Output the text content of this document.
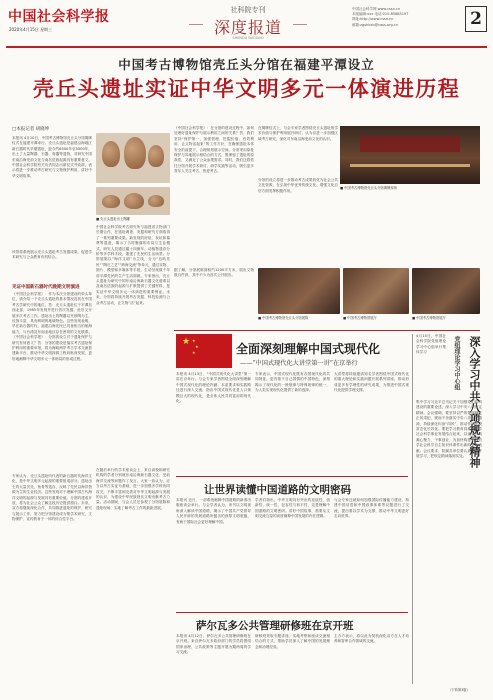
中国社会科学报
2020年4月15日 星期三
社科院专刊
深度报道
SHENDU BAODAO
中国社会科学网 www.cssn.cn
本版编辑:xxx 电话:010-85885197
网址:http://www.cssn.cn
邮箱:zgshkxb@cass.org.cn	2
中国考古博物馆壳丘头分馆在福建平潭设立
壳丘头遗址实证中华文明多元一体演进历程
□本报记者 胡晓坤
本报讯 4月10日，中国考古博物馆壳丘头分馆揭牌仪式在福建平潭举行。壳丘头遗址是福建沿海地区新石器时代早期遗址，距今约6500年至5500年，出土了大量陶器、石器、骨器等遗物，对研究中国东南沿海史前文化与南岛语族起源具有重要意义。中国社会科学院有关负责同志出席仪式并致辞，表示将进一步推动考古研究与文物保护利用，讲好中华文明故事。
■ 壳丘头遗址出土陶罐
该馆将系统展示壳丘头遗址考古发掘成果，促进学术研究与公众教育有机结合。
见证中国新石器时代晚期文明演进
《中国社会科学报》：作为本次分馆建设的牵头单位，请介绍一下壳丘头遗址的基本情况及其在中国考古学研究中的地位。答：壳丘头遗址位于平潭岛西北部，1985年发现并进行首次发掘，此后又开展多次考古工作。遗址出土的陶器以夹砂陶为主，纹饰丰富，具有鲜明的地域特色。这些发现表明，早在新石器时代，福建沿海先民已具备相当的航海能力，与台湾及东南亚地区存在密切的文化联系。《中国社会科学报》：分馆的设立对于遗址保护与研究有何意义？答：分馆的建设是落实考古遗址保护利用的重要举措，将为海峡两岸考古学术交流搭建新平台，推动中华文明探源工程向纵深发展，更好地阐释中华文明多元一体格局的形成过程。
中国社会科学院考古研究所与福建省文物部门长期合作，在遗址调查、发掘和研究方面取得了一系列重要成果。新发现的房址、灰坑和墓葬等遗迹，揭示了当时聚落的布局与生业模式。研究人员通过碳十四测年、动植物遗存分析等多学科手段，重建了先民的生活场景。分馆展陈以“海洋文明”为主线，分为“岛屿先民”“陶石之艺”“跨海交流”等单元，通过实物、图片、模型和多媒体等手段，生动呈现数千年前平潭先民的生产生活面貌。专家指出，壳丘头遗址为研究中国东南沿海新石器文化谱系以及南岛语族的起源与扩散提供了关键材料，是实证中华文明多元一体演进的重要例证。未来，分馆将持续开展考古发掘、科技检测与公众考古活动，让文物“活”起来。
《中国社会科学报》：在分馆的建设过程中，如何处理好遗址保护与展示利用之间的关系？答：我们坚持“保护第一、加强管理、挖掘价值、有效利用、让文物活起来”的工作方针，在确保遗址本体安全的前提下，合理规划展示空间。分馆采用原址保护与异地展示相结合的方式，既保留了遗址的原真性，又满足了公众参观需求。同时，我们还将依托分馆开展学术研讨、研学实践等活动，吸引更多青年人关注考古、热爱考古。
在揭牌仪式上，与会专家学者围绕壳丘头遗址的学术价值与保护利用展开研讨，认为应进一步加强区域考古研究，深化对东南沿海史前文化的认识。
■ 中国考古博物馆壳丘头分馆揭牌现场
分馆的设立将进一步推动考古成果转化为社会公共文化资源，在弘扬中华优秀传统文化、增强文化自信方面发挥积极作用。
■ 中国考古博物馆壳丘头分馆展陈	■ 中国考古博物馆展厅	■ 中国考古博物馆展厅
★ ★
★
★	全面深刻理解中国式现代化
——“中国式现代化大讲堂第一讲”在京举行
本报讯 4月13日，“中国式现代化大讲堂”第一讲在京举行。与会专家学者围绕全面深刻理解中国式现代化的理论内涵、本质要求和实践路径进行深入交流，指出中国式现代化是人口规模巨大的现代化，是全体人民共同富裕的现代化。
专家表示，中国式现代化既有各国现代化的共同特征，更有基于自己国情的中国特色，深刻揭示了现代化的一般规律与特殊规律的统一，为人类实现现代化提供了新的选择。
大讲堂将持续邀请知名学者围绕中国式现代化的重大理论和实践问题开展系列讲座，推动形成更多有学理性的研究成果，为推进中国式现代化提供学理支撑。
4月15日，中国社会科学院党组理论学习中心组举行集体学习	深入学习中共八项规定精神
党组理论学习中心组
集中学习习近平总书记关于加强党的作风建设的重要论述，深入学习中央八项规定精神。会议强调，要坚持以严的基调强化正风肃纪，锲而不舍落实中央八项规定精神，持续深化纠治“四风”，推动作风建设常态化长效化。要把学习教育同推进哲学社会科学事业发展结合起来，以优良作风凝心聚力、干事创业，为加快构建中国哲学社会科学自主知识体系作出新的更大贡献。会议要求，院属各单位要认真组织开展学习，把规定精神落到实处。
让世界读懂中国道路的文明密码
本报讯 近日，一部系统阐释中国道路的新著出版座谈会举行。与会学者认为，该书以文明视角深入解读中国道路，揭示了中国共产党领导人民开辟的发展道路所蕴含的深厚文明底蕴，有助于国际社会更好理解中国。
学者们指出，中华文明具有突出的连续性、创新性、统一性、包容性与和平性，这是理解中国道路的文明密码。讲好中国故事，需要从文明交流互鉴的高度阐释中国发展的内在逻辑。
与会专家还就如何加强国际传播能力建设、构建中国话语和中国叙事体系等议题进行了交流，提出要以学术为支撑，推动中华文明更好走向世界。
萨尔瓦多公共管理研修班在京开班
本报讯 4月12日，萨尔瓦多公共管理研修班在京开班。来自萨尔瓦多政府部门的学员将围绕国家治理、公共政策等主题开展为期两周的学习交流。
研修班采取专题讲座、实地考察和座谈交流相结合的方式，帮助学员深入了解中国的发展理念和治理经验。
主办方表示，将以此为契机深化双方在人才培养和智库合作领域的交流。
（下转第3版）
专家认为，壳丘头遗址所代表的新石器时代海洋文化，是中华文明多元起源的重要组成部分。遗址出土的大量贝壳、鱼骨等遗存，反映了先民以海洋资源为主的生业经济。这些发现对于理解中国古代海洋文明的起源与发展具有重要价值。分馆的建成开放，将为社会公众了解这段历史提供窗口。未来，双方将继续深化合作，共同推进遗址的保护、研究与展示工作，努力把分馆建设成为集学术研究、文物保护、宣传教育于一体的综合性平台。
在随后举行的学术座谈会上，来自高校和研究机构的学者分别就东南沿海新石器文化、史前海洋交流等问题作了发言。大家一致认为，应当以考古实证为基础，进一步加强多学科协同攻关，不断丰富和完善对中华文明起源与发展的认识，为建设中华民族现代文明贡献考古力量。活动期间，与会人员还参观了分馆展陈和遗址现场，实地了解考古工作的最新进展。
据了解，分馆展陈面积约1200平方米，展出文物数百件套，其中不少为首次公开展出。
